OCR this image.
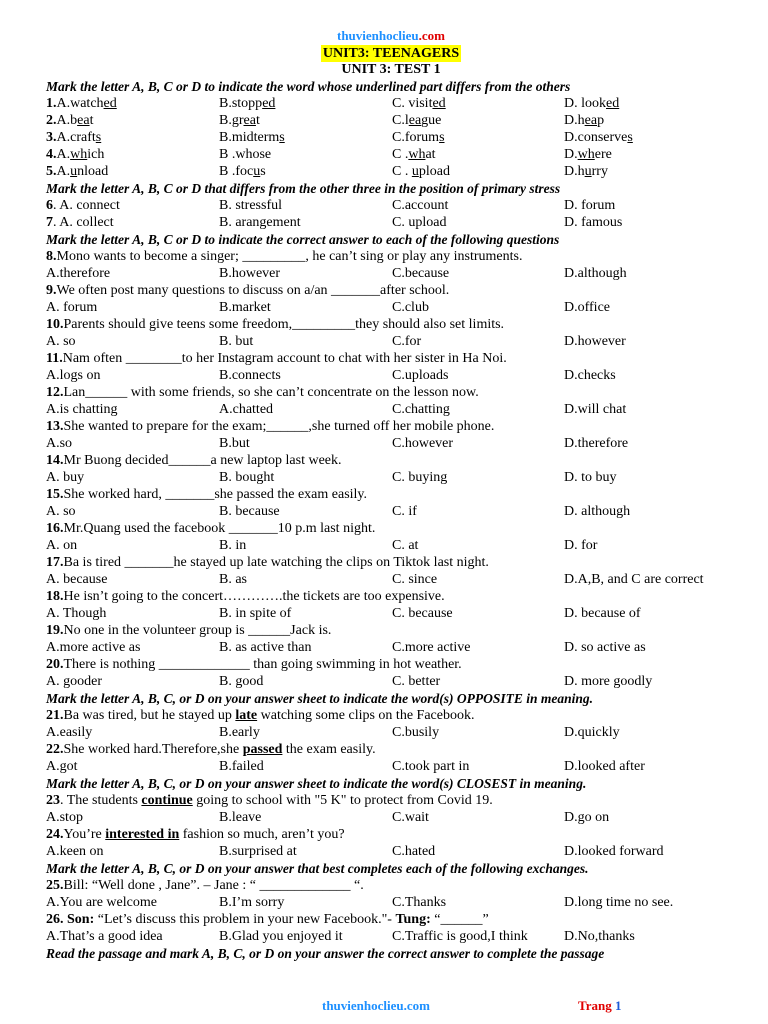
thuvienhoclieu.com
UNIT3: TEENAGERS
UNIT 3: TEST 1
Mark the letter A, B, C or D to indicate the word whose underlined part differs from the others
1.A.watched	B.stopped	C. visited	D. looked
2.A.beat	B.great	C.league	D.heap
3.A.crafts	B.midterms	C.forums	D.conserves
4.A.which	B .whose	C .what	D.where
5.A.unload	B .focus	C . upload	D.hurry
Mark the letter A, B, C or D that differs from the other three in the position of primary stress
6. A. connect	B. stressful	C.account	D. forum
7. A. collect	B. arangement	C. upload	D. famous
Mark the letter A, B, C or D to indicate the correct answer to each of the following questions
8.Mono wants to become a singer; _________, he can’t sing or play any instruments.
A.therefore	B.however	C.because	D.although
9.We often post many questions to discuss on a/an _______after school.
A. forum	B.market	C.club	D.office
10.Parents should give teens some freedom,_________they should also set limits.
A. so	B. but	C.for	D.however
11.Nam often ________to her Instagram account to chat with her sister in Ha Noi.
A.logs on	B.connects	C.uploads	D.checks
12.Lan______ with some friends, so she can’t concentrate on the lesson now.
A.is chatting	A.chatted	C.chatting	D.will chat
13.She wanted to prepare for the exam;______,she turned off her mobile phone.
A.so	B.but	C.however	D.therefore
14.Mr Buong decided______a new laptop last week.
A. buy	B. bought	C. buying	D. to buy
15.She worked hard, _______she passed the exam easily.
A. so	B. because	C. if	D. although
16.Mr.Quang used the facebook _______10 p.m last night.
A. on	B. in	C. at	D. for
17.Ba is tired _______he stayed up late watching the clips on Tiktok last night.
A. because	B. as	C. since	D.A,B, and C are correct
18.He isn’t going to the concert………….the tickets are too expensive.
A. Though	B. in spite of	C. because	D. because of
19.No one in the volunteer group is ______Jack is.
A.more active as	B. as active than	C.more active	D. so active as
20.There is nothing _____________ than going swimming in hot weather.
A. gooder	B. good	C. better	D. more goodly
Mark the letter A, B, C, or D on your answer sheet to indicate the word(s) OPPOSITE in meaning.
21.Ba was tired, but he stayed up late watching some clips on the Facebook.
A.easily	B.early	C.busily	D.quickly
22.She worked hard.Therefore,she passed the exam easily.
A.got	B.failed	C.took part in	D.looked after
Mark the letter A, B, C, or D on your answer sheet to indicate the word(s) CLOSEST in meaning.
23. The students continue going to school with "5 K" to protect from Covid 19.
A.stop	B.leave	C.wait	D.go on
24.You’re interested in fashion so much, aren’t you?
A.keen on	B.surprised at	C.hated	D.looked forward
Mark the letter A, B, C, or D on your answer that best completes each of the following exchanges.
25.Bill: “Well done , Jane”. – Jane : “ _____________ “.
A.You are welcome	B.I’m sorry	C.Thanks	D.long time no see.
26. Son: “Let’s discuss this problem in your new Facebook."- Tung: “______”
A.That’s a good idea	B.Glad you enjoyed it	C.Traffic is good,I think	D.No,thanks
Read the passage and mark A, B, C, or D on your answer the correct answer to complete the passage
thuvienhoclieu.com	Trang 1
